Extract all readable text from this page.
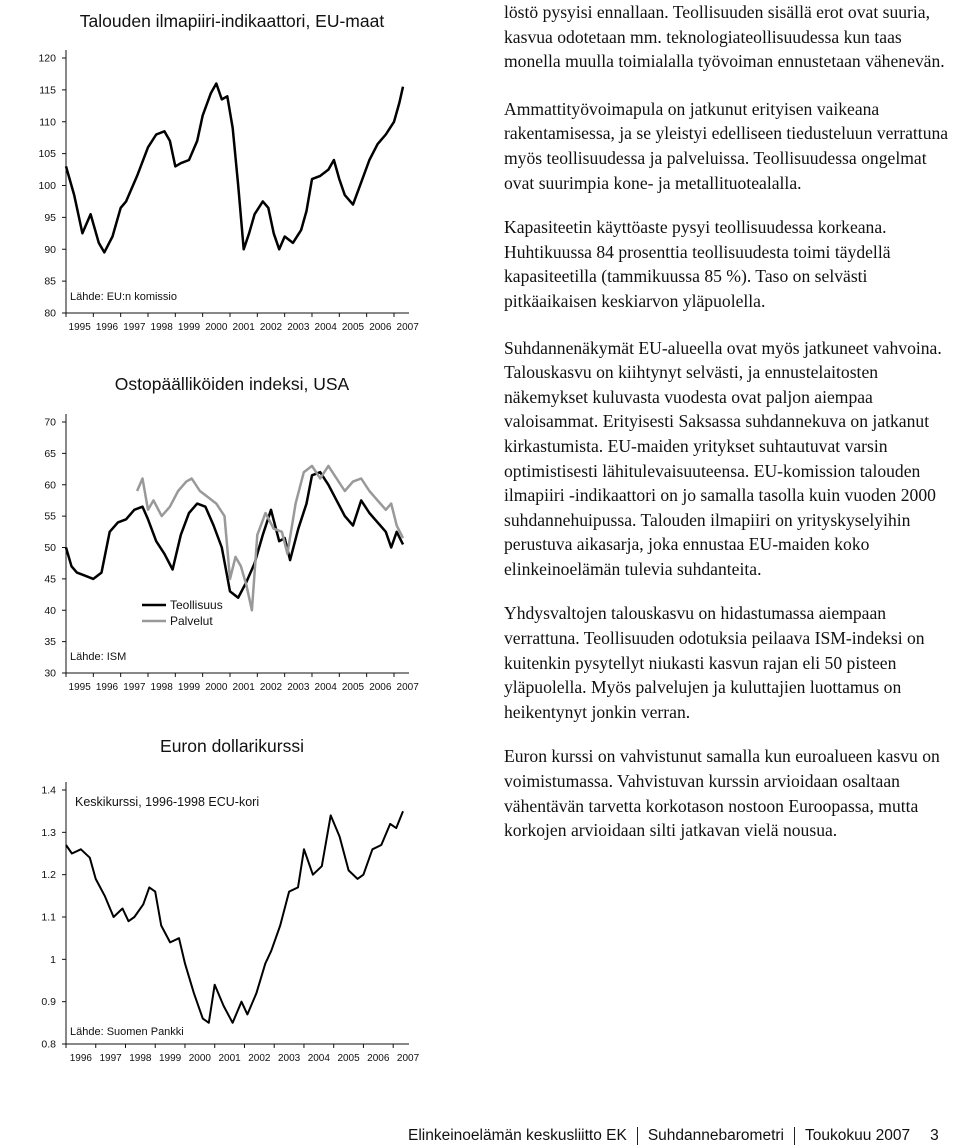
Talouden ilmapiiri-indikaattori, EU-maat
Lähde: EU:n komissio
80
85
90
95
100
105
110
115
120
1995 1996 1997 1998 1999 2000 2001 2002 2003 2004 2005 2006 2007
Ostopäälliköiden indeksi, USA
Teollisuus
Palvelut
Lähde: ISM
30
35
40
45
50
55
60
65
70
1995 1996 1997 1998 1999 2000 2001 2002 2003 2004 2005 2006 2007
Euron dollarikurssi
Keskikurssi, 1996-1998 ECU-kori
Lähde: Suomen Pankki
0.8
0.9
1
1.1
1.2
1.3
1.4
1996 1997 1998 1999 2000 2001 2002 2003 2004 2005 2006 2007

löstö pysyisi ennallaan. Teollisuuden sisällä erot ovat suuria, kasvua odotetaan mm. teknologiateollisuudessa kun taas monella muulla toimialalla työvoiman ennustetaan vähenevän.

Ammattityövoimapula on jatkunut erityisen vaikeana rakentamisessa, ja se yleistyi edelliseen tiedusteluun verrattuna myös teollisuudessa ja palveluissa. Teollisuudessa ongelmat ovat suurimpia kone- ja metallituotealalla.

Kapasiteetin käyttöaste pysyi teollisuudessa korkeana. Huhtikuussa 84 prosenttia teollisuudesta toimi täydellä kapasiteetilla (tammikuussa 85 %). Taso on selvästi pitkäaikaisen keskiarvon yläpuolella.

Suhdannenäkymät EU-alueella ovat myös jatkuneet vahvoina. Talouskasvu on kiihtynyt selvästi, ja ennustelaitosten näkemykset kuluvasta vuodesta ovat paljon aiempaa valoisammat. Erityisesti Saksassa suhdannekuva on jatkanut kirkastumista. EU-maiden yritykset suhtautuvat varsin optimistisesti lähitulevaisuuteensa. EU-komission talouden ilmapiiri -indikaattori on jo samalla tasolla kuin vuoden 2000 suhdannehuipussa. Talouden ilmapiiri on yrityskyselyihin perustuva aikasarja, joka ennustaa EU-maiden koko elinkeinoelämän tulevia suhdanteita.

Yhdysvaltojen talouskasvu on hidastumassa aiempaan verrattuna. Teollisuuden odotuksia peilaava ISM-indeksi on kuitenkin pysytellyt niukasti kasvun rajan eli 50 pisteen yläpuolella. Myös palvelujen ja kuluttajien luottamus on heikentynyt jonkin verran.

Euron kurssi on vahvistunut samalla kun euroalueen kasvu on voimistumassa. Vahvistuvan kurssin arvioidaan osaltaan vähentävän tarvetta korkotason nostoon Euroopassa, mutta korkojen arvioidaan silti jatkavan vielä nousua.

Elinkeinoelämän keskusliitto EK Suhdannebarometri Toukokuu 2007 3
